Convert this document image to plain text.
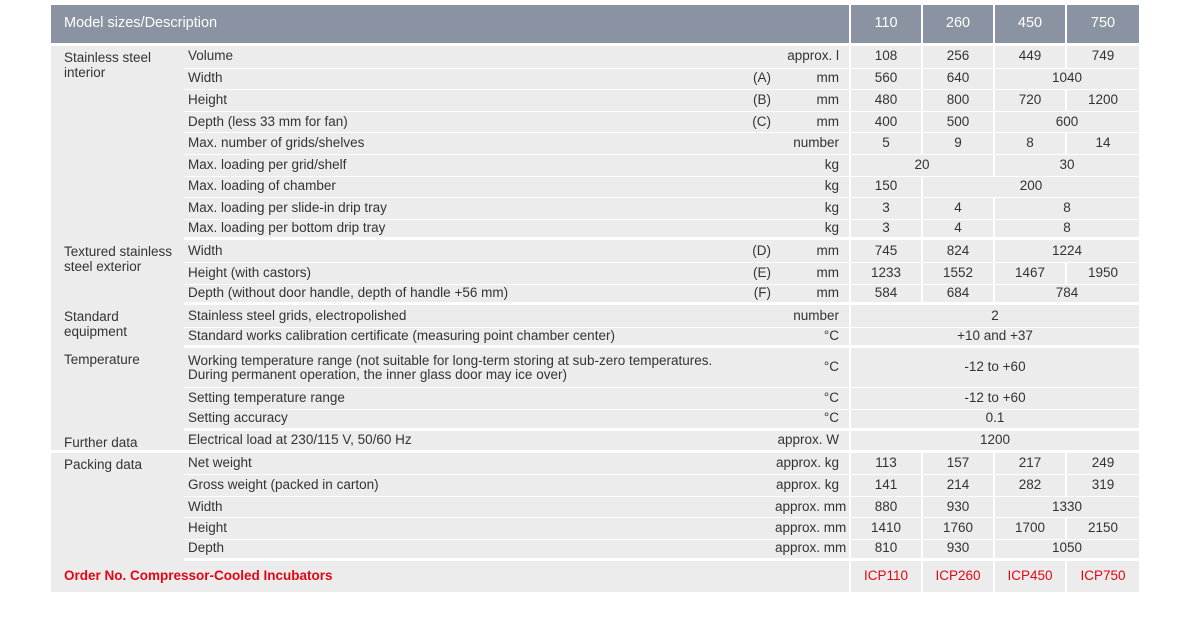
Model sizes/Description				110	260	450	750
Stainless steel interior	Volume		approx. l	108	256	449	749
	Width	(A)	mm	560	640	1040	
	Height	(B)	mm	480	800	720	1200
	Depth (less 33 mm for fan)	(C)	mm	400	500	600	
	Max. number of grids/shelves		number	5	9	8	14
	Max. loading per grid/shelf		kg	20		30	
	Max. loading of chamber		kg	150	200		
	Max. loading per slide-in drip tray		kg	3	4	8	
	Max. loading per bottom drip tray		kg	3	4	8	
Textured stainless steel exterior	Width	(D)	mm	745	824	1224	
	Height (with castors)	(E)	mm	1233	1552	1467	1950
	Depth (without door handle, depth of handle +56 mm)	(F)	mm	584	684	784	
Standard equipment	Stainless steel grids, electropolished		number	2			
	Standard works calibration certificate (measuring point chamber center)		°C	+10 and +37			
Temperature	Working temperature range (not suitable for long-term storing at sub-zero temperatures.
During permanent operation, the inner glass door may ice over)		°C	-12 to +60			
	Setting temperature range		°C	-12 to +60			
	Setting accuracy		°C	0.1			
Further data	Electrical load at 230/115 V, 50/60 Hz		approx. W	1200			
Packing data	Net weight		approx. kg	113	157	217	249
	Gross weight (packed in carton)		approx. kg	141	214	282	319
	Width		approx. mm	880	930	1330	
	Height		approx. mm	1410	1760	1700	2150
	Depth		approx. mm	810	930	1050	
Order No. Compressor-Cooled Incubators				ICP110	ICP260	ICP450	ICP750
